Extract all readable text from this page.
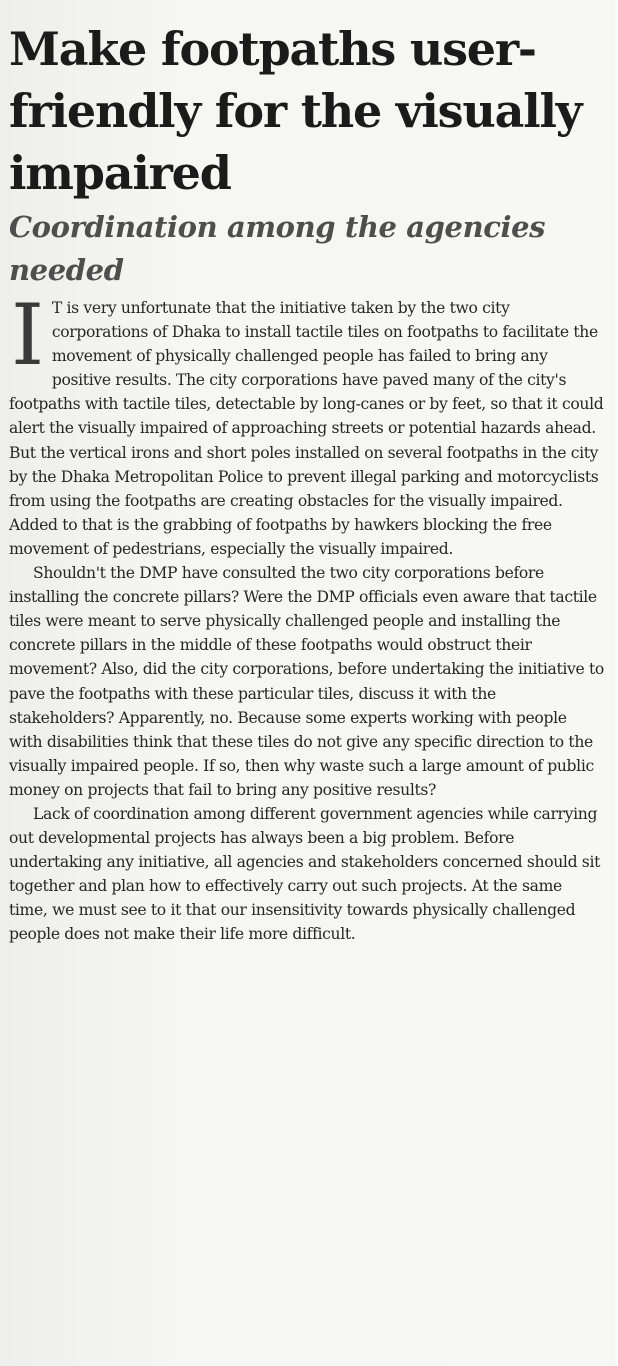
Make footpaths user-friendly for the visually impaired
Coordination among the agencies needed

I T is very unfortunate that the initiative taken by the two city corporations of Dhaka to install tactile tiles on footpaths to facilitate the movement of physically challenged people has failed to bring any positive results. The city corporations have paved many of the city's footpaths with tactile tiles, detectable by long-canes or by feet, so that it could alert the visually impaired of approaching streets or potential hazards ahead. But the vertical irons and short poles installed on several footpaths in the city by the Dhaka Metropolitan Police to prevent illegal parking and motorcyclists from using the footpaths are creating obstacles for the visually impaired. Added to that is the grabbing of footpaths by hawkers blocking the free movement of pedestrians, especially the visually impaired.

Shouldn't the DMP have consulted the two city corporations before installing the concrete pillars? Were the DMP officials even aware that tactile tiles were meant to serve physically challenged people and installing the concrete pillars in the middle of these footpaths would obstruct their movement? Also, did the city corporations, before undertaking the initiative to pave the footpaths with these particular tiles, discuss it with the stakeholders? Apparently, no. Because some experts working with people with disabilities think that these tiles do not give any specific direction to the visually impaired people. If so, then why waste such a large amount of public money on projects that fail to bring any positive results?

Lack of coordination among different government agencies while carrying out developmental projects has always been a big problem. Before undertaking any initiative, all agencies and stakeholders concerned should sit together and plan how to effectively carry out such projects. At the same time, we must see to it that our insensitivity towards physically challenged people does not make their life more difficult.
